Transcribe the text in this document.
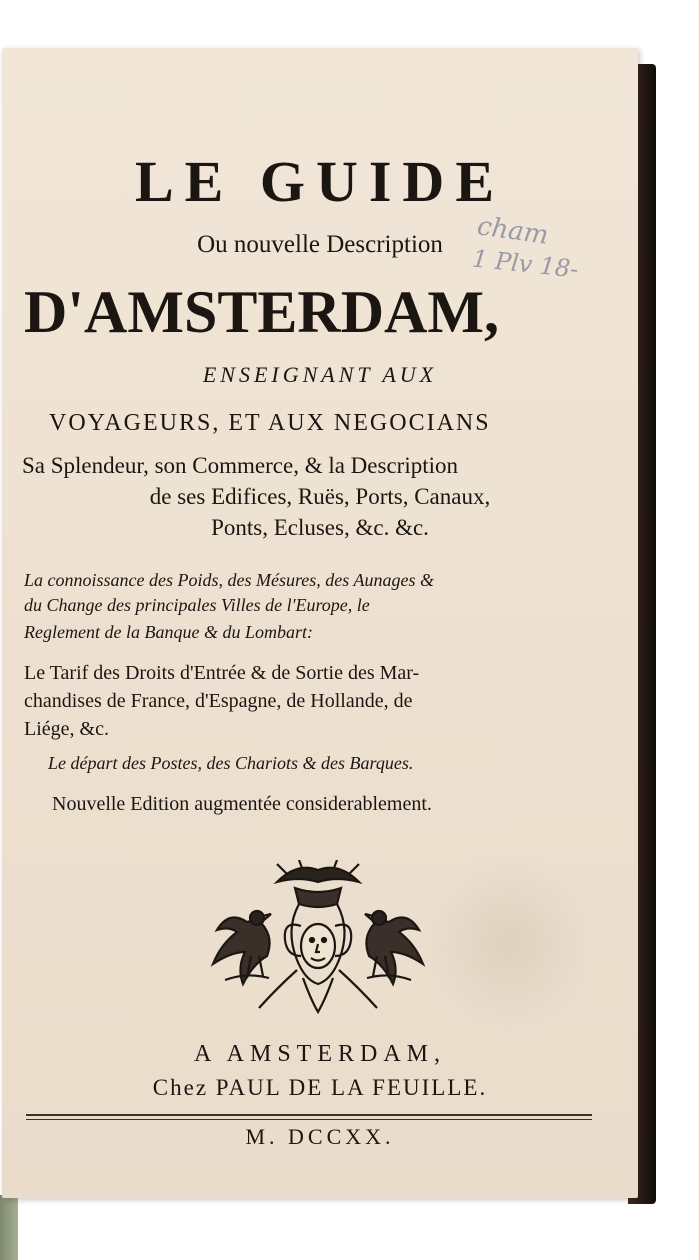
LE GUIDE
Ou nouvelle Description
D'AMSTERDAM,
ENSEIGNANT AUX
VOYAGEURS, ET AUX NEGOCIANS
Sa Splendeur, son Commerce, & la Description
de ses Edifices, Ruës, Ports, Canaux,
Ponts, Ecluses, &c. &c.
La connoissance des Poids, des Mésures, des Aunages &
du Change des principales Villes de l'Europe, le
Reglement de la Banque & du Lombart:
Le Tarif des Droits d'Entrée & de Sortie des Mar-
chandises de France, d'Espagne, de Hollande, de
Liége, &c.
Le départ des Postes, des Chariots & des Barques.
Nouvelle Edition augmentée considerablement.
cham
1 Plv 18-
A AMSTERDAM,
Chez PAUL DE LA FEUILLE.
M. DCCXX.
